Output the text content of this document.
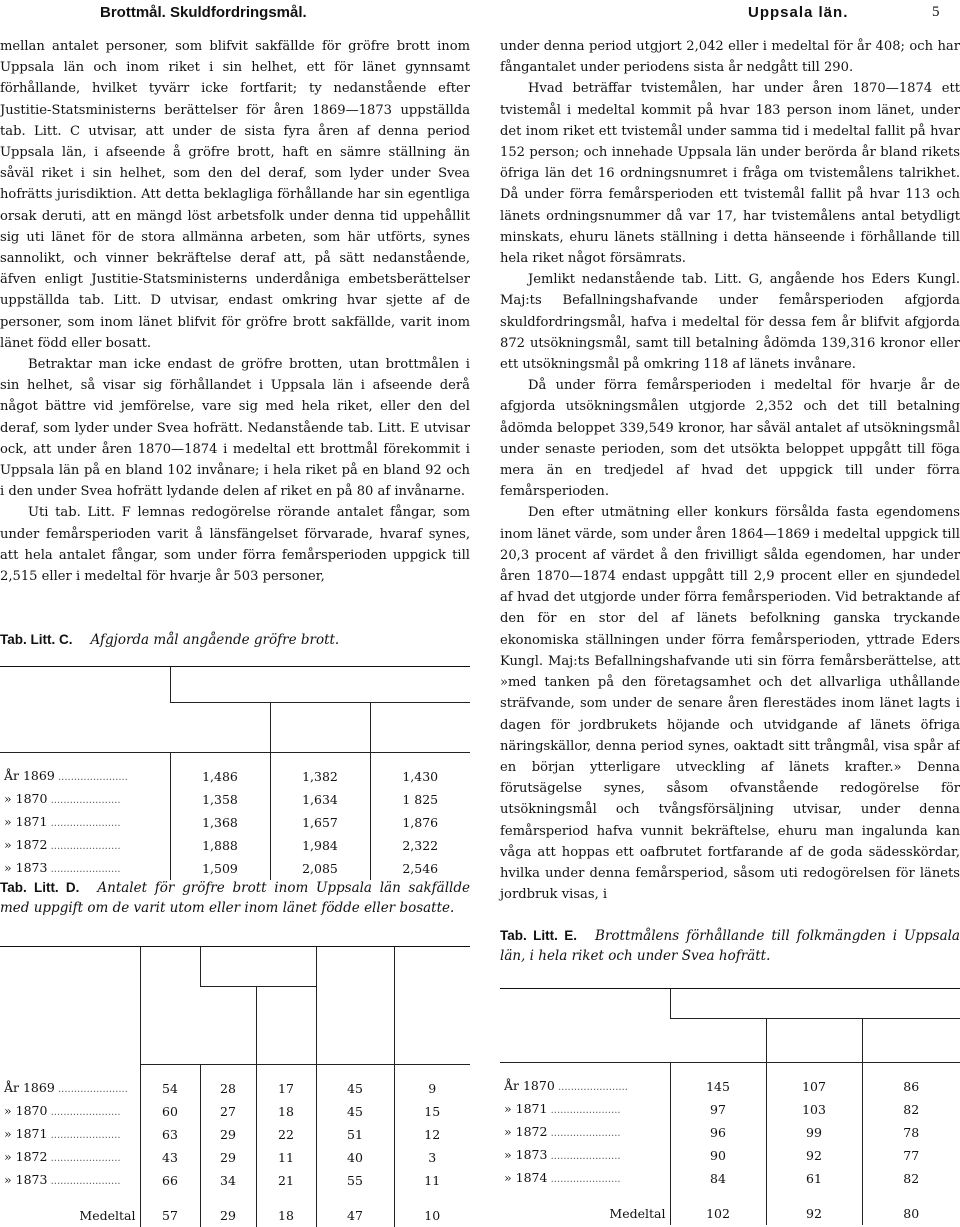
Brottmål. Skuldfordringsmål.	Uppsala län.	5

mellan antalet personer, som blifvit sakfällde för gröfre brott inom Uppsala län och inom riket i sin helhet, ett för länet gynnsamt förhållande, hvilket tyvärr icke fortfarit; ty nedanstående efter Justitie-Statsministerns berättelser för åren 1869—1873 uppställda tab. Litt. C utvisar, att under de sista fyra åren af denna period Uppsala län, i afseende å gröfre brott, haft en sämre ställning än såväl riket i sin helhet, som den del deraf, som lyder under Svea hofrätts jurisdiktion. Att detta beklagliga förhållande har sin egentliga orsak deruti, att en mängd löst arbetsfolk under denna tid uppehållit sig uti länet för de stora allmänna arbeten, som här utförts, synes sannolikt, och vinner bekräftelse deraf att, på sätt nedanstående, äfven enligt Justitie-Statsministerns underdåniga embetsberättelser uppställda tab. Litt. D utvisar, endast omkring hvar sjette af de personer, som inom länet blifvit för gröfre brott sakfällde, varit inom länet född eller bosatt.

Betraktar man icke endast de gröfre brotten, utan brottmålen i sin helhet, så visar sig förhållandet i Uppsala län i afseende derå något bättre vid jemförelse, vare sig med hela riket, eller den del deraf, som lyder under Svea hofrätt. Nedanstående tab. Litt. E utvisar ock, att under åren 1870—1874 i medeltal ett brottmål förekommit i Uppsala län på en bland 102 invånare; i hela riket på en bland 92 och i den under Svea hofrätt lydande delen af riket en på 80 af invånarne.

Uti tab. Litt. F lemnas redogörelse rörande antalet fångar, som under femårsperioden varit å länsfängelset förvarade, hvaraf synes, att hela antalet fångar, som under förra femårsperioden uppgick till 2,515 eller i medeltal för hvarje år 503 personer,

under denna period utgjort 2,042 eller i medeltal för år 408; och har fångantalet under periodens sista år nedgått till 290.

Hvad beträffar tvistemålen, har under åren 1870—1874 ett tvistemål i medeltal kommit på hvar 183 person inom länet, under det inom riket ett tvistemål under samma tid i medeltal fallit på hvar 152 person; och innehade Uppsala län under berörda år bland rikets öfriga län det 16 ordningsnumret i fråga om tvistemålens talrikhet. Då under förra femårsperioden ett tvistemål fallit på hvar 113 och länets ordningsnummer då var 17, har tvistemålens antal betydligt minskats, ehuru länets ställning i detta hänseende i förhållande till hela riket något försämrats.

Jemlikt nedanstående tab. Litt. G, angående hos Eders Kungl. Maj:ts Befallningshafvande under femårsperioden afgjorda skuldfordringsmål, hafva i medeltal för dessa fem år blifvit afgjorda 872 utsökningsmål, samt till betalning ådömda 139,316 kronor eller ett utsökningsmål på omkring 118 af länets invånare.

Då under förra femårsperioden i medeltal för hvarje år de afgjorda utsökningsmålen utgjorde 2,352 och det till betalning ådömda beloppet 339,549 kronor, har såväl antalet af utsökningsmål under senaste perioden, som det utsökta beloppet uppgått till föga mera än en tredjedel af hvad det uppgick till under förra femårsperioden.

Den efter utmätning eller konkurs försålda fasta egendomens inom länet värde, som under åren 1864—1869 i medeltal uppgick till 20,3 procent af värdet å den frivilligt sålda egendomen, har under åren 1870—1874 endast uppgått till 2,9 procent eller en sjundedel af hvad det utgjorde under förra femårsperioden. Vid betraktande af den för en stor del af länets befolkning ganska tryckande ekonomiska ställningen under förra femårsperioden, yttrade Eders Kungl. Maj:ts Befallningshafvande uti sin förra femårsberättelse, att »med tanken på den företagsamhet och det allvarliga uthållande sträfvande, som under de senare åren flerestädes inom länet lagts i dagen för jordbrukets höjande och utvidgande af länets öfriga näringskällor, denna period synes, oaktadt sitt trångmål, visa spår af en början ytterligare utveckling af länets krafter.» Denna förutsägelse synes, såsom ofvanstående redogörelse för utsökningsmål och tvångsförsäljning utvisar, under denna femårsperiod hafva vunnit bekräftelse, ehuru man ingalunda kan våga att hoppas ett oafbrutet fortfarande af de goda sädesskördar, hvilka under denna femårsperiod, såsom uti redogörelsen för länets jordbruk visas, i

Tab. Litt. C. Afgjorda mål angående gröfre brott.

År 1869 ......................	1,486	1,382	1,430
» 1870 ......................	1,358	1,634	1 825
» 1871 ......................	1,368	1,657	1,876
» 1872 ......................	1,888	1,984	2,322
» 1873 ......................	1,509	2,085	2,546
Tab. Litt. D. Antalet för gröfre brott inom Uppsala län sakfällde med uppgift om de varit utom eller inom länet födde eller bosatte.

År 1869 ......................	54	28	17	45	9
» 1870 ......................	60	27	18	45	15
» 1871 ......................	63	29	22	51	12
» 1872 ......................	43	29	11	40	3
» 1873 ......................	66	34	21	55	11

Medeltal	57	29	18	47	10
Tab. Litt. E. Brottmålens förhållande till folkmängden i Uppsala län, i hela riket och under Svea hofrätt.

År 1870 ......................	145	107	86
» 1871 ......................	97	103	82
» 1872 ......................	96	99	78
» 1873 ......................	90	92	77
» 1874 ......................	84	61	82

Medeltal	102	92	80
